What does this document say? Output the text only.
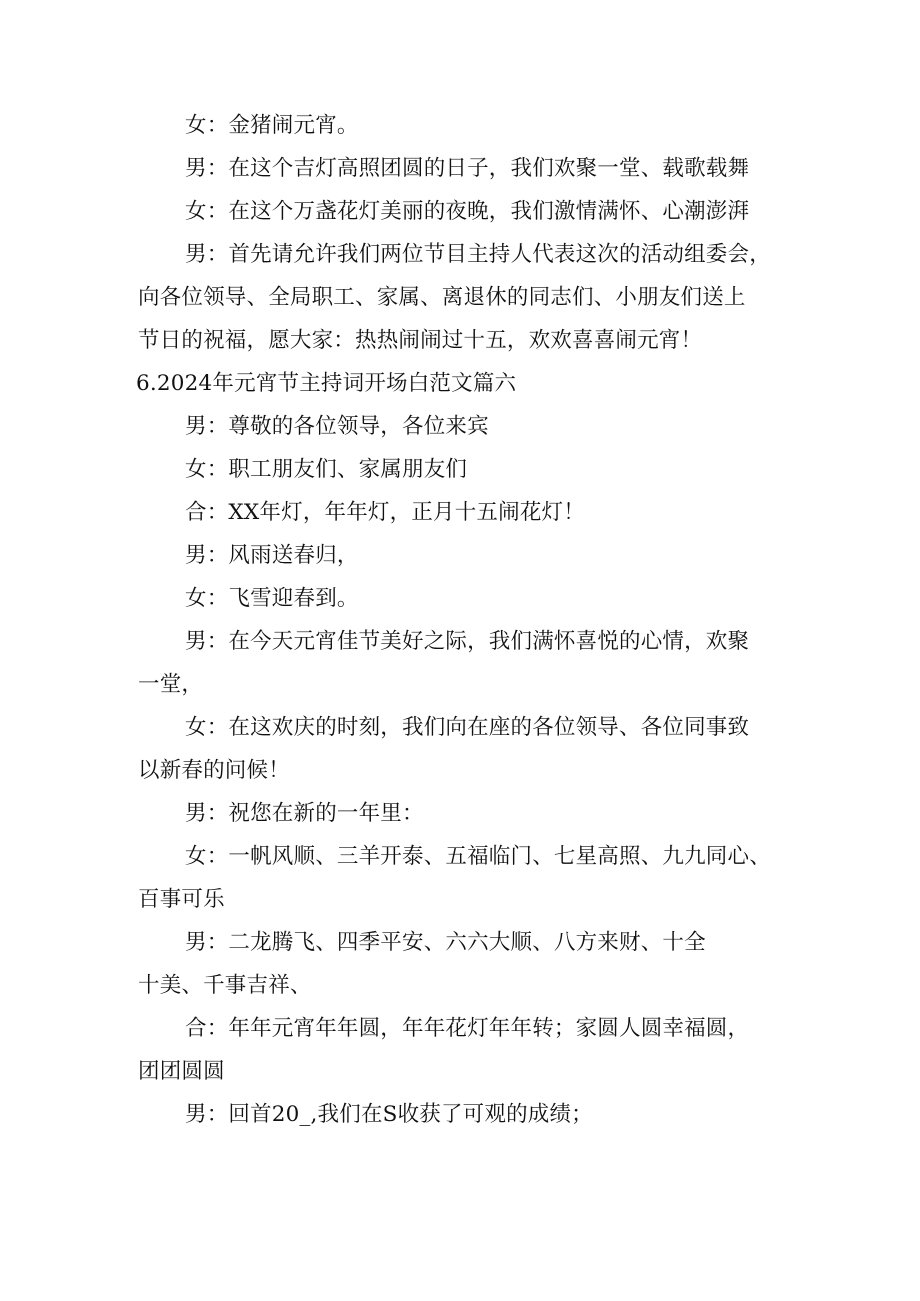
女：金猪闹元宵。
男：在这个吉灯高照团圆的日子，我们欢聚一堂、载歌载舞
女：在这个万盏花灯美丽的夜晚，我们激情满怀、心潮澎湃
男：首先请允许我们两位节目主持人代表这次的活动组委会，
向各位领导、全局职工、家属、离退休的同志们、小朋友们送上
节日的祝福，愿大家：热热闹闹过十五，欢欢喜喜闹元宵！
6.2024年元宵节主持词开场白范文篇六
男：尊敬的各位领导，各位来宾
女：职工朋友们、家属朋友们
合：XX年灯，年年灯，正月十五闹花灯！
男：风雨送春归，
女：飞雪迎春到。
男：在今天元宵佳节美好之际，我们满怀喜悦的心情，欢聚
一堂，
女：在这欢庆的时刻，我们向在座的各位领导、各位同事致
以新春的问候！
男：祝您在新的一年里：
女：一帆风顺、三羊开泰、五福临门、七星高照、九九同心、
百事可乐
男：二龙腾飞、四季平安、六六大顺、八方来财、十全
十美、千事吉祥、
合：年年元宵年年圆，年年花灯年年转；家圆人圆幸福圆，
团团圆圆
男：回首20_,我们在S收获了可观的成绩；
